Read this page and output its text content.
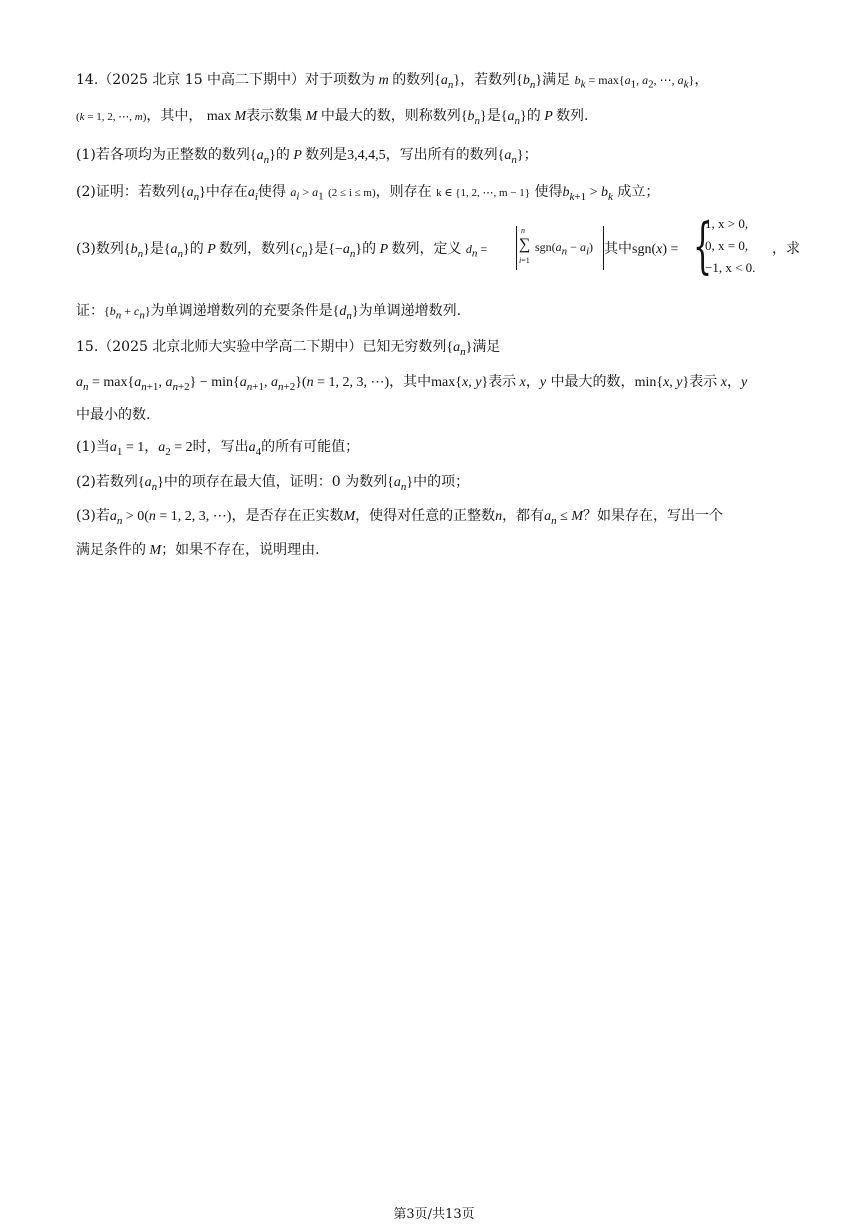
14.（2025 北京 15 中高二下期中）对于项数为 m 的数列$\{a_n\}$，若数列$\{b_n\}$满足 $b_k = \max\{a_1$, $a_2$, ⋯, $a_k$}，
(k = 1, 2, ⋯, m)，其中， max M表示数集 M 中最大的数，则称数列$\{b_n\}$是$\{a_n\}$的 P 数列.
(1)若各项均为正整数的数列$\{a_n\}$的 P 数列是3,4,4,5，写出所有的数列$\{a_n\}$；
(2)证明：若数列$\{a_n\}$中存在$a_i$使得 $a_i > a_1$ (2 ≤ i ≤ m)，则存在 k ∈ {1, 2, ⋯, m − 1} 使得$b_{k+1} > b_k$ 成立；
(3)数列$\{b_n\}$是$\{a_n\}$的 P 数列，数列$\{c_n\}$是$\{-a_n\}$的 P 数列，定义 $d_n$ =
n
∑
i=1
$sgn(a_n - a_i)$ 其中sgn(x) = {
1, x > 0,
0, x = 0,
−1, x < 0.
，求
证：$\{b_n + c_n\}$为单调递增数列的充要条件是$\{d_n\}$为单调递增数列.
15.（2025 北京北师大实验中学高二下期中）已知无穷数列$\{a_n\}$满足
$a_n = \max\{a_{n+1}$, $a_{n+2}\} - \min\{a_{n+1}$, $a_{n+2}\}(n = 1$, 2, 3, ⋯)，其中max{x, y}表示 x，y 中最大的数，min{x, y}表示 x，y
中最小的数.
(1)当$a_1 = 1$，$a_2 = 2$时，写出$a_4$的所有可能值；
(2)若数列$\{a_n\}$中的项存在最大值，证明：0 为数列$\{a_n\}$中的项；
(3)若$a_n > 0(n = 1$, 2, 3, ⋯)，是否存在正实数M，使得对任意的正整数n，都有$a_n \le M$？如果存在，写出一个
满足条件的 M；如果不存在，说明理由.
第3页/共13页
